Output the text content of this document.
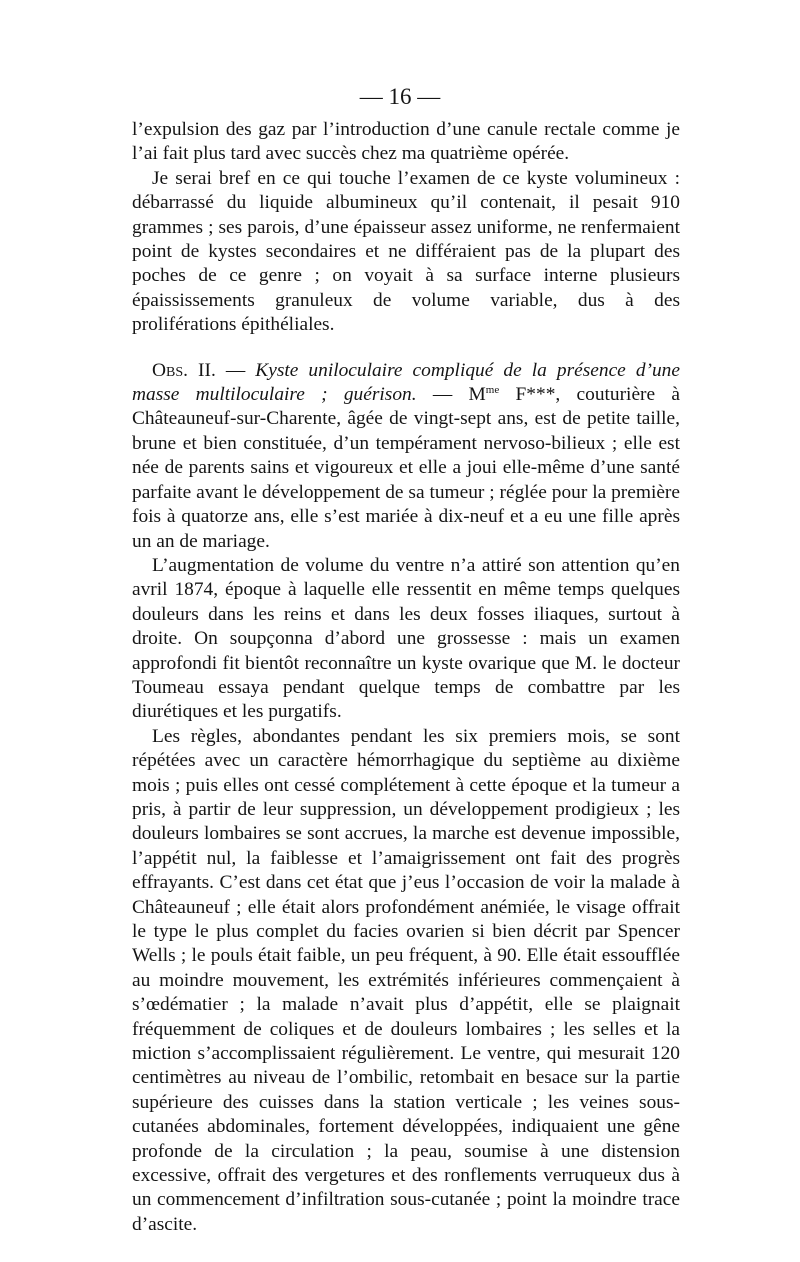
— 16 —

l’expulsion des gaz par l’introduction d’une canule rectale comme je l’ai fait plus tard avec succès chez ma quatrième opérée.

Je serai bref en ce qui touche l’examen de ce kyste volumineux : débarrassé du liquide albumineux qu’il contenait, il pesait 910 grammes ; ses parois, d’une épaisseur assez uniforme, ne renfermaient point de kystes secondaires et ne différaient pas de la plupart des poches de ce genre ; on voyait à sa surface interne plusieurs épaississements granuleux de volume variable, dus à des proliférations épithéliales.

Obs. II. — Kyste uniloculaire compliqué de la présence d’une masse multiloculaire ; guérison. — $M^{me}$ F***, couturière à Châteauneuf-sur-Charente, âgée de vingt-sept ans, est de petite taille, brune et bien constituée, d’un tempérament nervoso-bilieux ; elle est née de parents sains et vigoureux et elle a joui elle-même d’une santé parfaite avant le développement de sa tumeur ; réglée pour la première fois à quatorze ans, elle s’est mariée à dix-neuf et a eu une fille après un an de mariage.

L’augmentation de volume du ventre n’a attiré son attention qu’en avril 1874, époque à laquelle elle ressentit en même temps quelques douleurs dans les reins et dans les deux fosses iliaques, surtout à droite. On soupçonna d’abord une grossesse : mais un examen approfondi fit bientôt reconnaître un kyste ovarique que M. le docteur Toumeau essaya pendant quelque temps de combattre par les diurétiques et les purgatifs.

Les règles, abondantes pendant les six premiers mois, se sont répétées avec un caractère hémorrhagique du septième au dixième mois ; puis elles ont cessé complétement à cette époque et la tumeur a pris, à partir de leur suppression, un développement prodigieux ; les douleurs lombaires se sont accrues, la marche est devenue impossible, l’appétit nul, la faiblesse et l’amaigrissement ont fait des progrès effrayants. C’est dans cet état que j’eus l’occasion de voir la malade à Châteauneuf ; elle était alors profondément anémiée, le visage offrait le type le plus complet du facies ovarien si bien décrit par Spencer Wells ; le pouls était faible, un peu fréquent, à 90. Elle était essoufflée au moindre mouvement, les extrémités inférieures commençaient à s’œdématier ; la malade n’avait plus d’appétit, elle se plaignait fréquemment de coliques et de douleurs lombaires ; les selles et la miction s’accomplissaient régulièrement. Le ventre, qui mesurait 120 centimètres au niveau de l’ombilic, retombait en besace sur la partie supérieure des cuisses dans la station verticale ; les veines sous-cutanées abdominales, fortement développées, indiquaient une gêne profonde de la circulation ; la peau, soumise à une distension excessive, offrait des vergetures et des ronflements verruqueux dus à un commencement d’infiltration sous-cutanée ; point la moindre trace d’ascite.
